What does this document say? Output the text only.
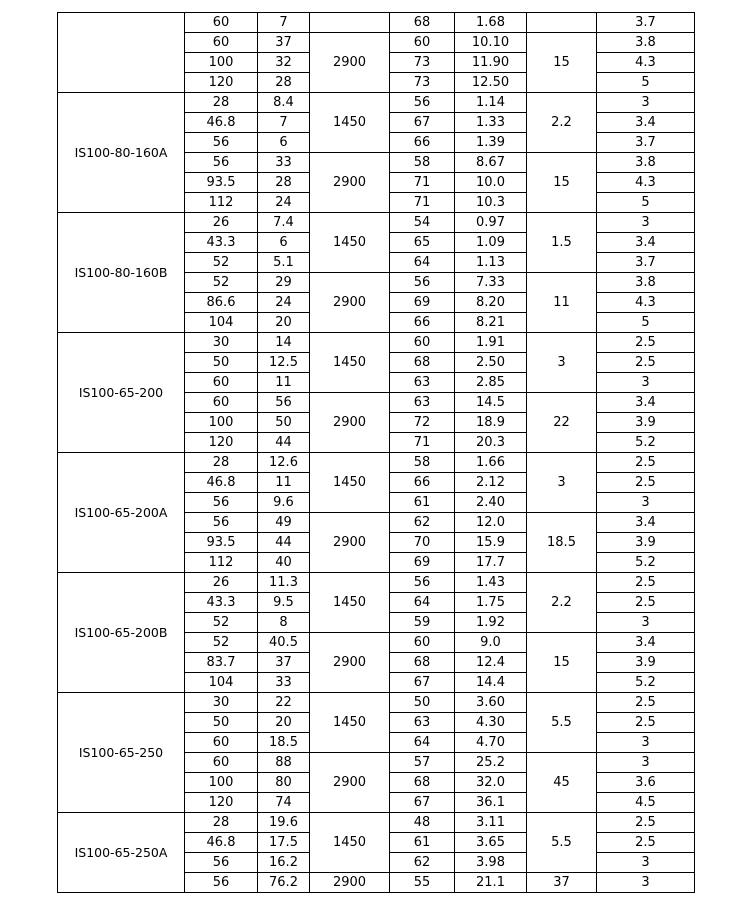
	60	7		68	1.68		3.7
	60	37	2900	60	10.10	15	3.8
	100	32		73	11.90		4.3
	120	28		73	12.50		5
IS100-80-160A	28	8.4	1450	56	1.14	2.2	3
	46.8	7		67	1.33		3.4
	56	6		66	1.39		3.7
	56	33	2900	58	8.67	15	3.8
	93.5	28		71	10.0		4.3
	112	24		71	10.3		5
IS100-80-160B	26	7.4	1450	54	0.97	1.5	3
	43.3	6		65	1.09		3.4
	52	5.1		64	1.13		3.7
	52	29	2900	56	7.33	11	3.8
	86.6	24		69	8.20		4.3
	104	20		66	8.21		5
IS100-65-200	30	14	1450	60	1.91	3	2.5
	50	12.5		68	2.50		2.5
	60	11		63	2.85		3
	60	56	2900	63	14.5	22	3.4
	100	50		72	18.9		3.9
	120	44		71	20.3		5.2
IS100-65-200A	28	12.6	1450	58	1.66	3	2.5
	46.8	11		66	2.12		2.5
	56	9.6		61	2.40		3
	56	49	2900	62	12.0	18.5	3.4
	93.5	44		70	15.9		3.9
	112	40		69	17.7		5.2
IS100-65-200B	26	11.3	1450	56	1.43	2.2	2.5
	43.3	9.5		64	1.75		2.5
	52	8		59	1.92		3
	52	40.5	2900	60	9.0	15	3.4
	83.7	37		68	12.4		3.9
	104	33		67	14.4		5.2
IS100-65-250	30	22	1450	50	3.60	5.5	2.5
	50	20		63	4.30		2.5
	60	18.5		64	4.70		3
	60	88	2900	57	25.2	45	3
	100	80		68	32.0		3.6
	120	74		67	36.1		4.5
IS100-65-250A	28	19.6	1450	48	3.11	5.5	2.5
	46.8	17.5		61	3.65		2.5
	56	16.2		62	3.98		3
	56	76.2	2900	55	21.1	37	3
